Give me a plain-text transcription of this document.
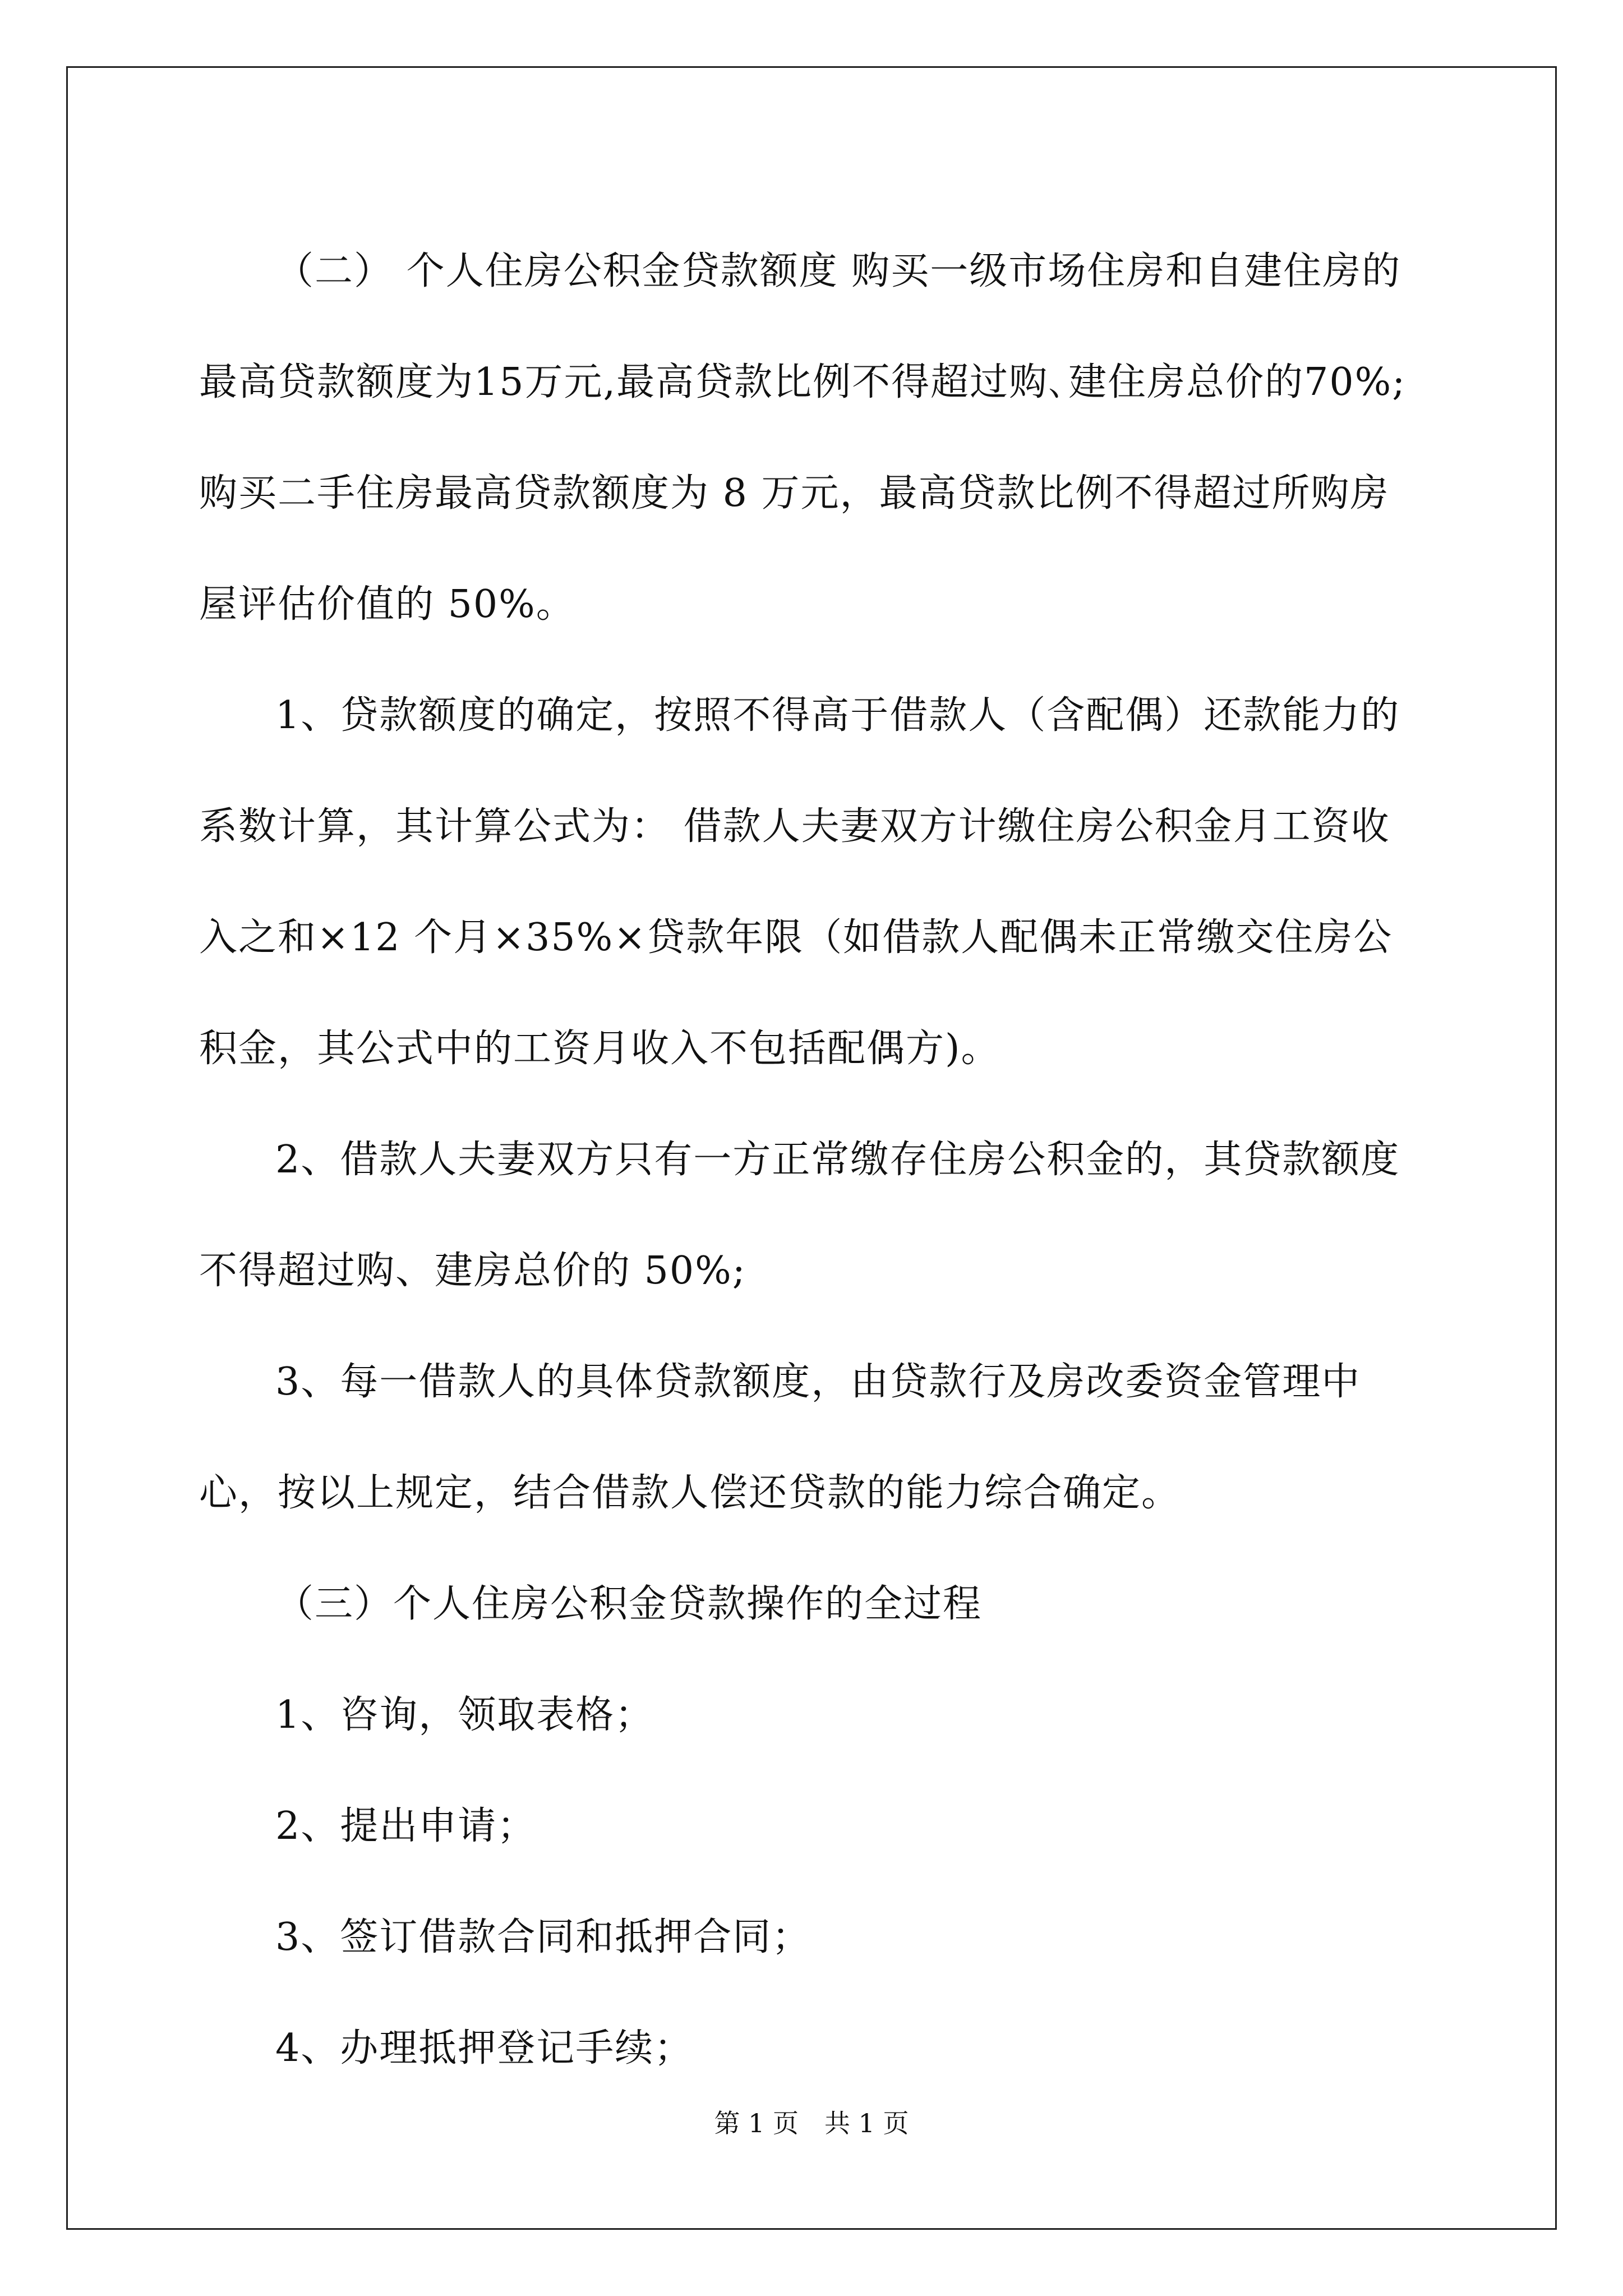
（二） 个人住房公积金贷款额度 购买一级市场住房和自建住房的最高贷款额度为15万元,最高贷款比例不得超过购､建住房总价的70%;购买二手住房最高贷款额度为 8 万元，最高贷款比例不得超过所购房屋评估价值的 50%。

1、贷款额度的确定，按照不得高于借款人（含配偶）还款能力的系数计算，其计算公式为： 借款人夫妻双方计缴住房公积金月工资收入之和×12 个月×35%×贷款年限（如借款人配偶未正常缴交住房公积金，其公式中的工资月收入不包括配偶方)。

2、借款人夫妻双方只有一方正常缴存住房公积金的，其贷款额度不得超过购、建房总价的 50%;

3、每一借款人的具体贷款额度，由贷款行及房改委资金管理中心，按以上规定，结合借款人偿还贷款的能力综合确定。

（三）个人住房公积金贷款操作的全过程

1、咨询，领取表格；

2、提出申请；

3、签订借款合同和抵押合同；

4、办理抵押登记手续；

第 1 页　共 1 页
